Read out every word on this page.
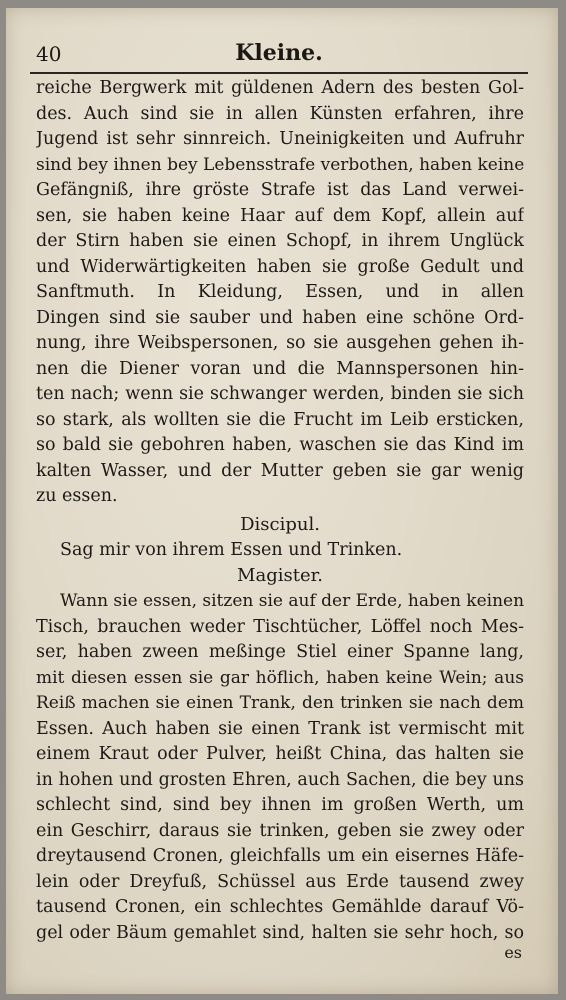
40	Kleine.
reiche Bergwerk mit güldenen Adern des besten Gol-
des. Auch sind sie in allen Künsten erfahren, ihre
Jugend ist sehr sinnreich. Uneinigkeiten und Aufruhr
sind bey ihnen bey Lebensstrafe verbothen, haben keine
Gefängniß, ihre gröste Strafe ist das Land verwei-
sen, sie haben keine Haar auf dem Kopf, allein auf
der Stirn haben sie einen Schopf, in ihrem Unglück
und Widerwärtigkeiten haben sie große Gedult und
Sanftmuth. In Kleidung, Essen, und in allen
Dingen sind sie sauber und haben eine schöne Ord-
nung, ihre Weibspersonen, so sie ausgehen gehen ih-
nen die Diener voran und die Mannspersonen hin-
ten nach; wenn sie schwanger werden, binden sie sich
so stark, als wollten sie die Frucht im Leib ersticken,
so bald sie gebohren haben, waschen sie das Kind im
kalten Wasser, und der Mutter geben sie gar wenig
zu essen.
Discipul.
Sag mir von ihrem Essen und Trinken.
Magister.
Wann sie essen, sitzen sie auf der Erde, haben keinen
Tisch, brauchen weder Tischtücher, Löffel noch Mes-
ser, haben zween meßinge Stiel einer Spanne lang,
mit diesen essen sie gar höflich, haben keine Wein; aus
Reiß machen sie einen Trank, den trinken sie nach dem
Essen. Auch haben sie einen Trank ist vermischt mit
einem Kraut oder Pulver, heißt China, das halten sie
in hohen und grosten Ehren, auch Sachen, die bey uns
schlecht sind, sind bey ihnen im großen Werth, um
ein Geschirr, daraus sie trinken, geben sie zwey oder
dreytausend Cronen, gleichfalls um ein eisernes Häfe-
lein oder Dreyfuß, Schüssel aus Erde tausend zwey
tausend Cronen, ein schlechtes Gemählde darauf Vö-
gel oder Bäum gemahlet sind, halten sie sehr hoch, so
es
